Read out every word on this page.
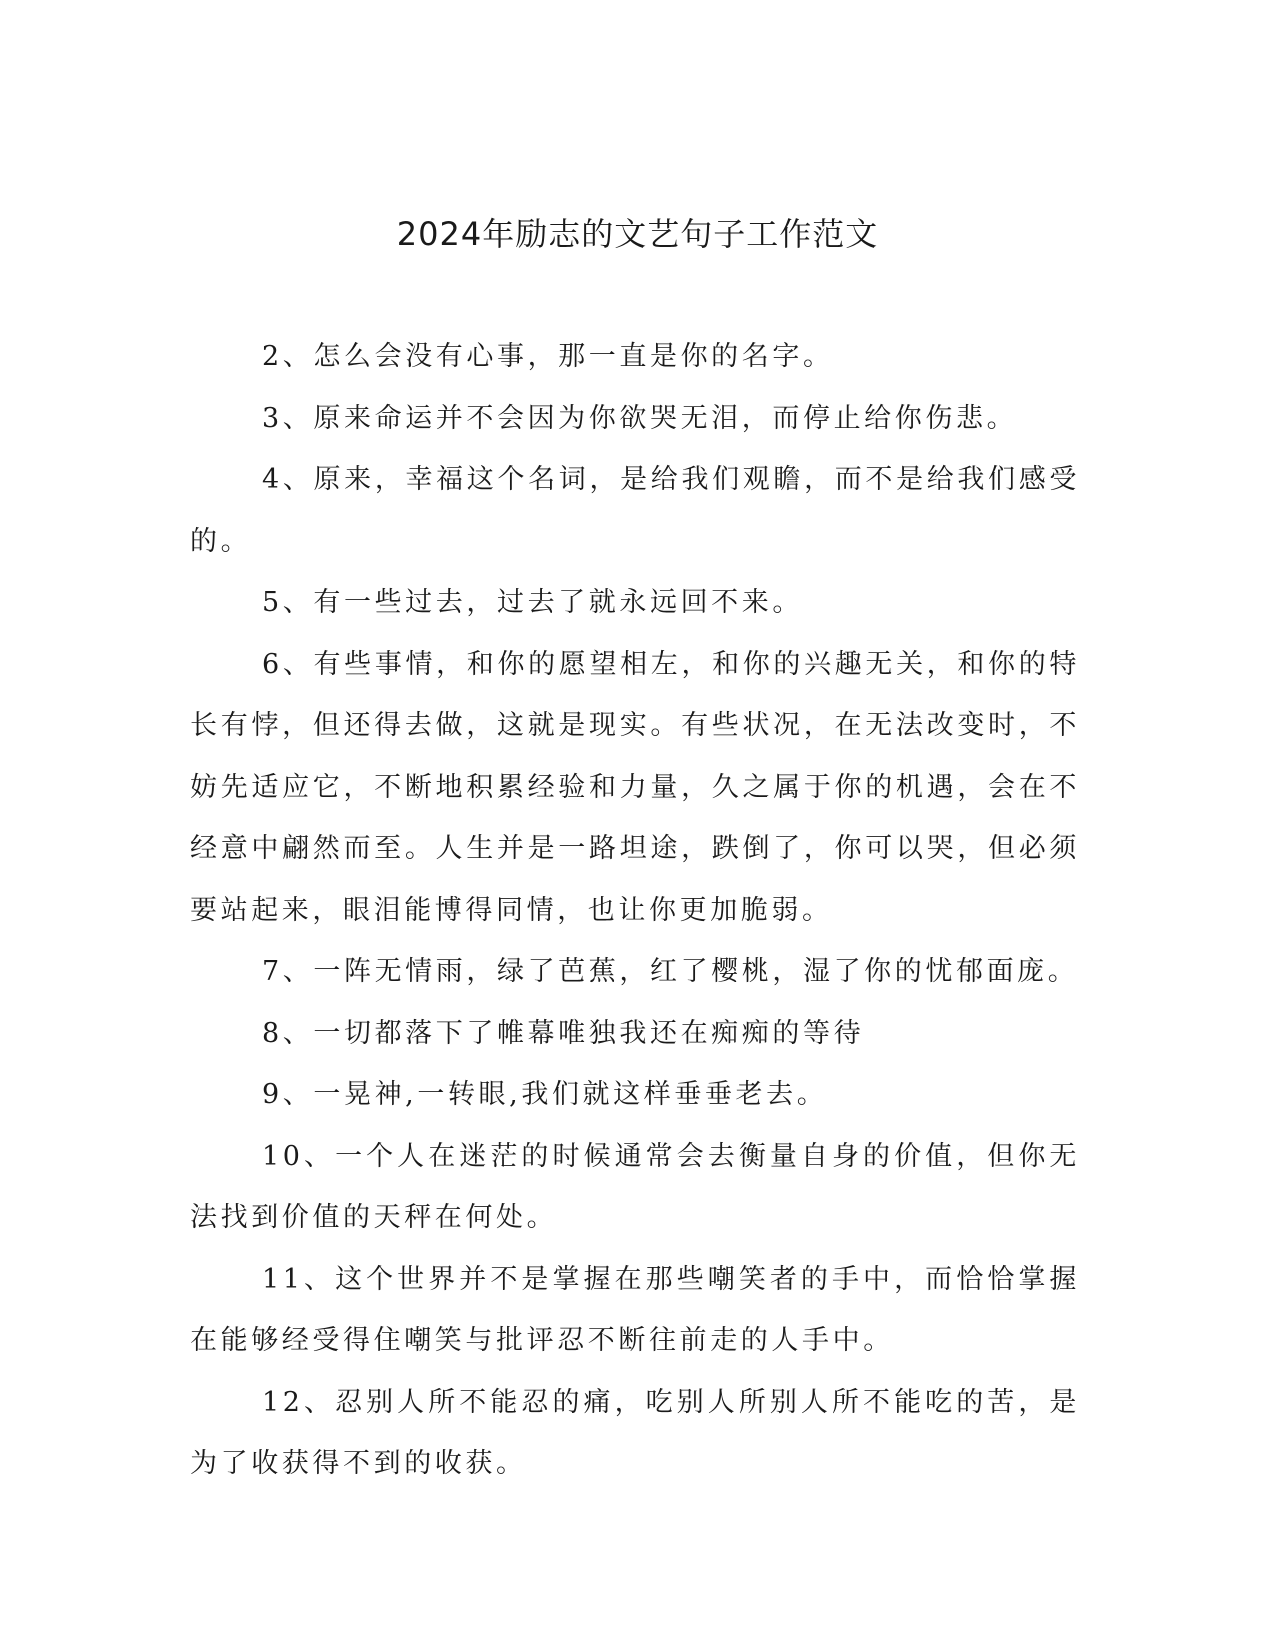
2024年励志的文艺句子工作范文

2、怎么会没有心事，那一直是你的名字。

3、原来命运并不会因为你欲哭无泪，而停止给你伤悲。

4、原来，幸福这个名词，是给我们观瞻，而不是给我们感受的。

5、有一些过去，过去了就永远回不来。

6、有些事情，和你的愿望相左，和你的兴趣无关，和你的特长有悖，但还得去做，这就是现实。有些状况，在无法改变时，不妨先适应它，不断地积累经验和力量，久之属于你的机遇，会在不经意中翩然而至。人生并是一路坦途，跌倒了，你可以哭，但必须要站起来，眼泪能博得同情，也让你更加脆弱。

7、一阵无情雨，绿了芭蕉，红了樱桃，湿了你的忧郁面庞。

8、一切都落下了帷幕唯独我还在痴痴的等待

9、一晃神,一转眼,我们就这样垂垂老去。

10、一个人在迷茫的时候通常会去衡量自身的价值，但你无法找到价值的天秤在何处。

11、这个世界并不是掌握在那些嘲笑者的手中，而恰恰掌握在能够经受得住嘲笑与批评忍不断往前走的人手中。

12、忍别人所不能忍的痛，吃别人所别人所不能吃的苦，是为了收获得不到的收获。
